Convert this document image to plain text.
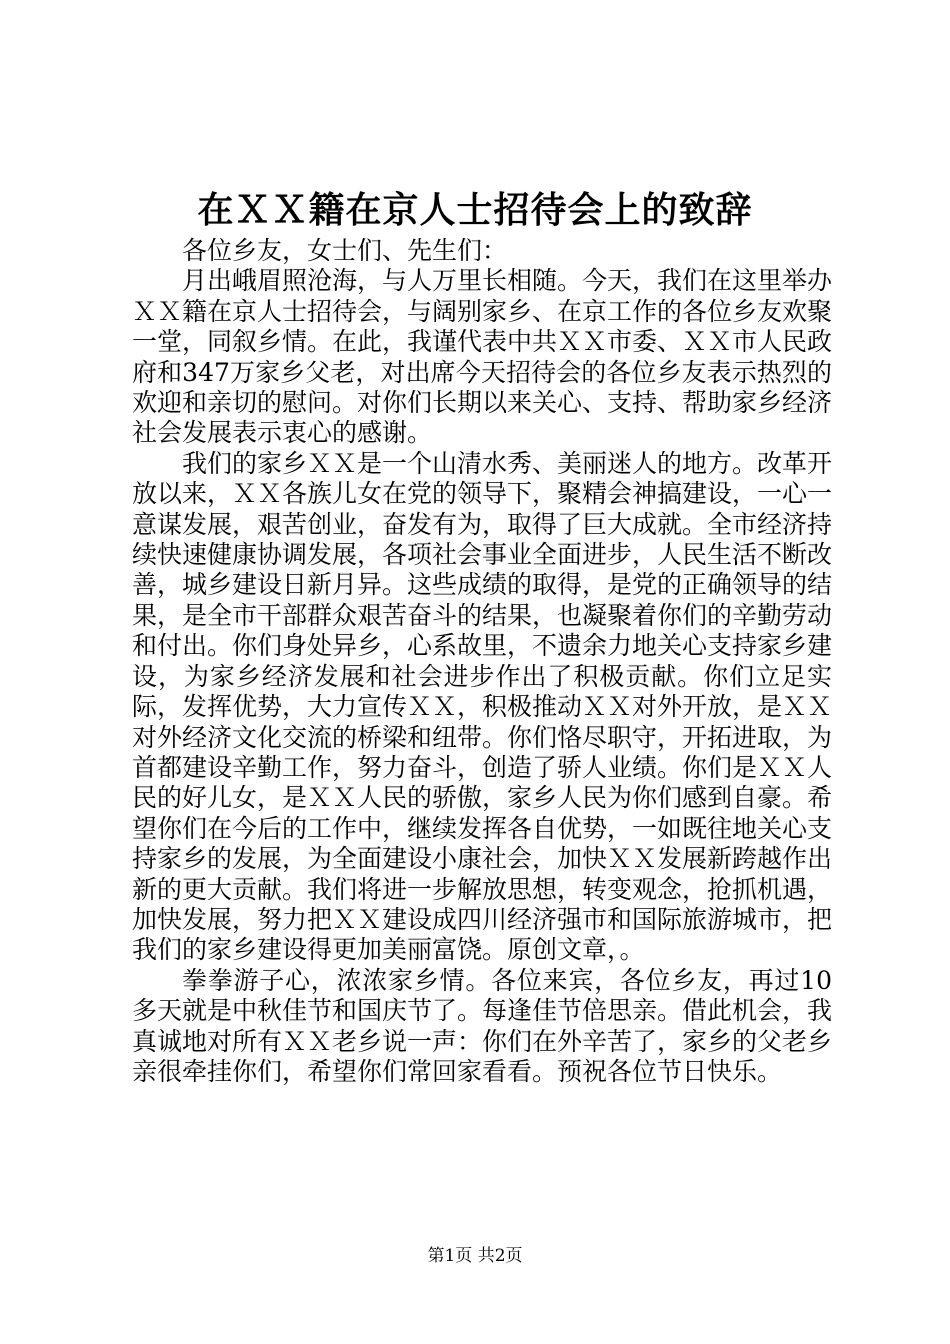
在ＸＸ籍在京人士招待会上的致辞

各位乡友，女士们、先生们：

月出峨眉照沧海，与人万里长相随。今天，我们在这里举办ＸＸ籍在京人士招待会，与阔别家乡、在京工作的各位乡友欢聚一堂，同叙乡情。在此，我谨代表中共ＸＸ市委、ＸＸ市人民政府和347万家乡父老，对出席今天招待会的各位乡友表示热烈的欢迎和亲切的慰问。对你们长期以来关心、支持、帮助家乡经济社会发展表示衷心的感谢。

我们的家乡ＸＸ是一个山清水秀、美丽迷人的地方。改革开放以来，ＸＸ各族儿女在党的领导下，聚精会神搞建设，一心一意谋发展，艰苦创业，奋发有为，取得了巨大成就。全市经济持续快速健康协调发展，各项社会事业全面进步，人民生活不断改善，城乡建设日新月异。这些成绩的取得，是党的正确领导的结果，是全市干部群众艰苦奋斗的结果，也凝聚着你们的辛勤劳动和付出。你们身处异乡，心系故里，不遗余力地关心支持家乡建设，为家乡经济发展和社会进步作出了积极贡献。你们立足实际，发挥优势，大力宣传ＸＸ，积极推动ＸＸ对外开放，是ＸＸ对外经济文化交流的桥梁和纽带。你们恪尽职守，开拓进取，为首都建设辛勤工作，努力奋斗，创造了骄人业绩。你们是ＸＸ人民的好儿女，是ＸＸ人民的骄傲，家乡人民为你们感到自豪。希望你们在今后的工作中，继续发挥各自优势，一如既往地关心支持家乡的发展，为全面建设小康社会，加快ＸＸ发展新跨越作出新的更大贡献。我们将进一步解放思想，转变观念，抢抓机遇，加快发展，努力把ＸＸ建设成四川经济强市和国际旅游城市，把我们的家乡建设得更加美丽富饶。原创文章，。

拳拳游子心，浓浓家乡情。各位来宾，各位乡友，再过10多天就是中秋佳节和国庆节了。每逢佳节倍思亲。借此机会，我真诚地对所有ＸＸ老乡说一声：你们在外辛苦了，家乡的父老乡亲很牵挂你们，希望你们常回家看看。预祝各位节日快乐。

第1页 共2页
